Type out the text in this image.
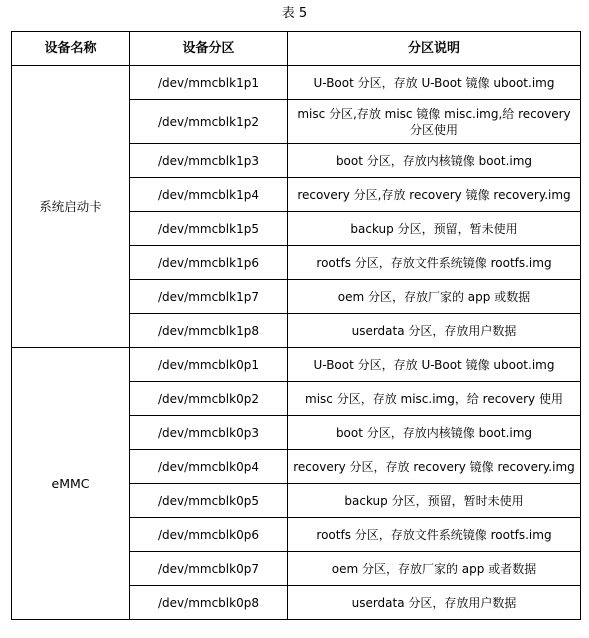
表 5
设备名称	设备分区	分区说明
系统启动卡	/dev/mmcblk1p1	U-Boot 分区，存放 U-Boot 镜像 uboot.img
	/dev/mmcblk1p2	misc 分区,存放 misc 镜像 misc.img,给 recovery 分区使用
	/dev/mmcblk1p3	boot 分区，存放内核镜像 boot.img
	/dev/mmcblk1p4	recovery 分区,存放 recovery 镜像 recovery.img
	/dev/mmcblk1p5	backup 分区，预留，暂未使用
	/dev/mmcblk1p6	rootfs 分区，存放文件系统镜像 rootfs.img
	/dev/mmcblk1p7	oem 分区，存放厂家的 app 或数据
	/dev/mmcblk1p8	userdata 分区，存放用户数据
eMMC	/dev/mmcblk0p1	U-Boot 分区，存放 U-Boot 镜像 uboot.img
	/dev/mmcblk0p2	misc 分区，存放 misc.img，给 recovery 使用
	/dev/mmcblk0p3	boot 分区，存放内核镜像 boot.img
	/dev/mmcblk0p4	recovery 分区，存放 recovery 镜像 recovery.img
	/dev/mmcblk0p5	backup 分区，预留，暂时未使用
	/dev/mmcblk0p6	rootfs 分区，存放文件系统镜像 rootfs.img
	/dev/mmcblk0p7	oem 分区，存放厂家的 app 或者数据
	/dev/mmcblk0p8	userdata 分区，存放用户数据
